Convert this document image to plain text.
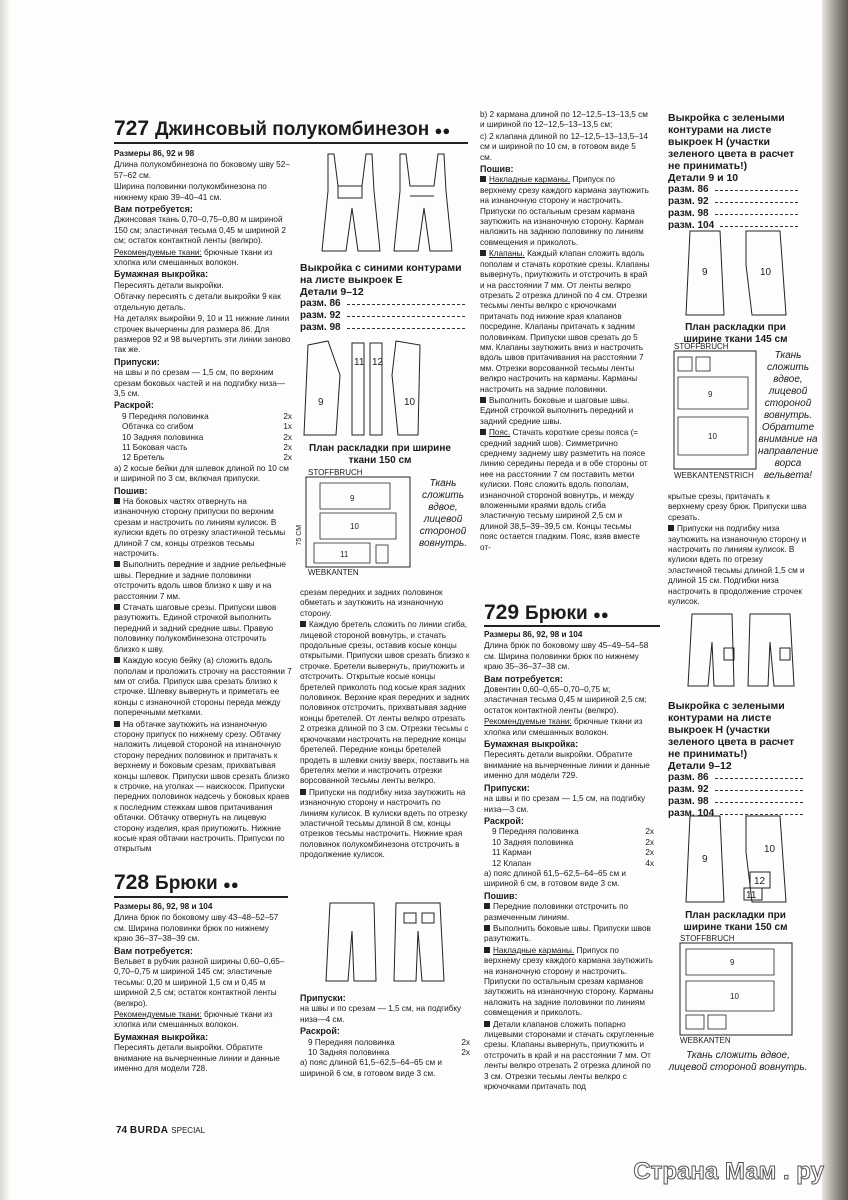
727 Джинсовый полукомбинезон ●●

Размеры 86, 92 и 98

Длина полукомбинезона по боковому шву 52–57–62 см.

Ширина половинки полукомбинезона по нижнему краю 39–40–41 см.

Вам потребуется:

Джинсовая ткань 0,70–0,75–0,80 м шириной 150 см; эластичная тесьма 0,45 м шириной 2 см; остаток контактной ленты (велкро).

Рекомендуемые ткани: брючные ткани из хлопка или смешанных волокон.

Бумажная выкройка:

Пересиять детали выкройки.

Обтачку пересиять с детали выкройки 9 как отдельную деталь.

На деталях выкройки 9, 10 и 11 нижние линии строчек вычерчены для размера 86. Для размеров 92 и 98 вычертить эти линии заново так же.

Припуски:

на швы и по срезам — 1,5 см, по верхним срезам боковых частей и на подгибку низа—3,5 см.

Раскрой:

9 Передняя половинка	2x
Обтачка со сгибом	1x
10 Задняя половинка	2x
11 Боковая часть	2x
12 Бретель	2x

а) 2 косые бейки для шлевок длиной по 10 см и шириной по 3 см, включая припуски.

Пошив:

На боковых частях отвернуть на изнаночную сторону припуски по верхним срезам и настрочить по линиям кулисок. В кулиски вдеть по отрезку эластичной тесьмы длиной 7 см, концы отрезков тесьмы настрочить.

Выполнить передние и задние рельефные швы. Передние и задние половинки отстрочить вдоль швов близко к шву и на расстоянии 7 мм.

Стачать шаговые срезы. Припуски швов разутюжить. Единой строчкой выполнить передний и задний средние швы. Правую половинку полукомбинезона отстрочить близко к шву.

Каждую косую бейку (а) сложить вдоль пополам и проложить строчку на расстоянии 7 мм от сгиба. Припуск шва срезать близко к строчке. Шлевку вывернуть и приметать ее концы с изнаночной стороны переда между поперечными метками.

На обтачке заутюжить на изнаночную сторону припуск по нижнему срезу. Обтачку наложить лицевой стороной на изнаночную сторону передних половинок и притачать к верхнему и боковым срезам, прихватывая концы шлевок. Припуски швов срезать близко к строчке, на уголках — наискосок. Припуски передних половинок надсечь у боковых краев к последним стежкам швов притачивания обтачки. Обтачку отвернуть на лицевую сторону изделия, края приутюжить. Нижние косые края обтачки настрочить. Припуски по открытым

Выкройка с синими контурами на листе выкроек Е
Детали 9–12
разм. 86
разм. 92
разм. 98
9
11 12
10
План раскладки при ширине ткани 150 см
STOFFBRUCH
WEBKANTEN
9
10
11
75 CM
Ткань сложить вдвое, лицевой стороной вовнутрь.

срезам передних и задних половинок обметать и заутюжить на изнаночную сторону.

Каждую бретель сложить по линии сгиба, лицевой стороной вовнутрь, и стачать продольные срезы, оставив косые концы открытыми. Припуски швов срезать близко к строчке. Бретели вывернуть, приутюжить и отстрочить. Открытые косые концы бретелей приколоть под косые края задних половинок. Верхние края передних и задних половинок отстрочить, прихватывая задние концы бретелей. От ленты велкро отрезать 2 отрезка длиной по 3 см. Отрезки тесьмы с крючочками настрочить на передние концы бретелей. Передние концы бретелей продеть в шлевки снизу вверх, поставить на бретелях метки и настрочить отрезки ворсованной тесьмы ленты велкро.

Припуски на подгибку низа заутюжить на изнаночную сторону и настрочить по линиям кулисок. В кулиски вдеть по отрезку эластичной тесьмы длиной 8 см, концы отрезков тесьмы настрочить. Нижние края половинок полукомбинезона отстрочить в продолжение кулисок.

b) 2 кармана длиной по 12–12,5–13–13,5 см и шириной по 12–12,5–13–13,5 см;

c) 2 клапана длиной по 12–12,5–13–13,5–14 см и шириной по 10 см, в готовом виде 5 см.

Пошив:

Накладные карманы. Припуск по верхнему срезу каждого кармана заутюжить на изнаночную сторону и настрочить. Припуски по остальным срезам кармана заутюжить на изнаночную сторону. Карман наложить на заднюю половинку по линиям совмещения и приколоть.

Клапаны. Каждый клапан сложить вдоль пополам и стачать короткие срезы. Клапаны вывернуть, приутюжить и отстрочить в край и на расстоянии 7 мм. От ленты велкро отрезать 2 отрезка длиной по 4 см. Отрезки тесьмы ленты велкро с крючочками притачать под нижние края клапанов посредине. Клапаны притачать к задним половинкам. Припуски швов срезать до 5 мм. Клапаны заутюжить вниз и настрочить вдоль швов притачивания на расстоянии 7 мм. Отрезки ворсованной тесьмы ленты велкро настрочить на карманы. Карманы настрочить на задние половинки.

Выполнить боковые и шаговые швы. Единой строчкой выполнить передний и задний средние швы.

Пояс. Стачать короткие срезы пояса (= средний задний шов). Симметрично среднему заднему шву разметить на поясе линию середины переда и в обе стороны от нее на расстоянии 7 см поставить метки кулиски. Пояс сложить вдоль пополам, изнаночной стороной вовнутрь, и между вложенными краями вдоль сгиба эластичную тесьму шириной 2,5 см и длиной 38,5–39–39,5 см. Концы тесьмы пояс остается гладким. Пояс, взяв вместе от-

Выкройка с зелеными контурами на листе выкроек Н (участки зеленого цвета в расчет не принимать!)
Детали 9 и 10
разм. 86
разм. 92
разм. 98
разм. 104
9	10
План раскладки при ширине ткани 145 см
STOFFBRUCH
WEBKANTEN STRICH
9
10
Ткань сложить вдвое, лицевой стороной вовнутрь. Обратите внимание на направление ворса вельвета!

крытые срезы, притачать к верхнему срезу брюк. Припуски шва срезать.

Припуски на подгибку низа заутюжить на изнаночную сторону и настрочить по линиям кулисок. В кулиски вдеть по отрезку эластичной тесьмы длиной 1,5 см и длиной 15 см. Подгибки низа настрочить в продолжение строчек кулисок.

729 Брюки ●●

Размеры 86, 92, 98 и 104

Длина брюк по боковому шву 45–49–54–58 см. Ширина половинки брюк по нижнему краю 35–36–37–38 см.

Вам потребуется:

Довентин 0,60–0,65–0,70–0,75 м; эластичная тесьма 0,45 м шириной 2,5 см; остаток контактной ленты (велкро).

Рекомендуемые ткани: брючные ткани из хлопка или смешанных волокон.

Бумажная выкройка:

Пересиять детали выкройки. Обратите внимание на вычерченные линии и данные именно для модели 729.

Припуски:

на швы и по срезам — 1,5 см, на подгибку низа—3 см.

Раскрой:

9 Передняя половинка	2x
10 Задняя половинка	2x
11 Карман	2x
12 Клапан	4x

а) пояс длиной 61,5–62,5–64–65 см и шириной 6 см, в готовом виде 3 см.

Пошив:

Передние половинки отстрочить по размеченным линиям.

Выполнить боковые швы. Припуски швов разутюжить.

Накладные карманы. Припуск по верхнему срезу каждого кармана заутюжить на изнаночную сторону и настрочить. Припуски по остальным срезам карманов заутюжить на изнаночную сторону. Карманы наложить на задние половинки по линиям совмещения и приколоть.

Детали клапанов сложить попарно лицевыми сторонами и стачать скругленные срезы. Клапаны вывернуть, приутюжить и отстрочить в край и на расстоянии 7 мм. От ленты велкро отрезать 2 отрезка длиной по 3 см. Отрезки тесьмы ленты велкро с крючочками притачать под

Выкройка с зелеными контурами на листе выкроек Н (участки зеленого цвета в расчет не принимать!)
Детали 9–12
разм. 86
разм. 92
разм. 98
разм. 104
9
10
12
11
План раскладки при ширине ткани 150 см
STOFFBRUCH
WEBKANTEN
9
10
Ткань сложить вдвое, лицевой стороной вовнутрь.
728 Брюки ●●

Размеры 86, 92, 98 и 104

Длина брюк по боковому шву 43–48–52–57 см. Ширина половинки брюк по нижнему краю 36–37–38–39 см.

Вам потребуется:

Вельвет в рубчик разной ширины 0,60–0,65–0,70–0,75 м шириной 145 см; эластичные тесьмы: 0,20 м шириной 1,5 см и 0,45 м шириной 2,5 см; остаток контактной ленты (велкро).

Рекомендуемые ткани: брючные ткани из хлопка или смешанных волокон.

Бумажная выкройка:

Пересиять детали выкройки. Обратите внимание на вычерченные линии и данные именно для модели 728.

Припуски:

на швы и по срезам — 1,5 см, на подгибку низа—4 см.

Раскрой:

9 Передняя половинка	2x
10 Задняя половинка	2x

а) пояс длиной 61,5–62,5–64–65 см и шириной 6 см, в готовом виде 3 см.

74 BURDA SPECIAL
Страна Мам . ру
